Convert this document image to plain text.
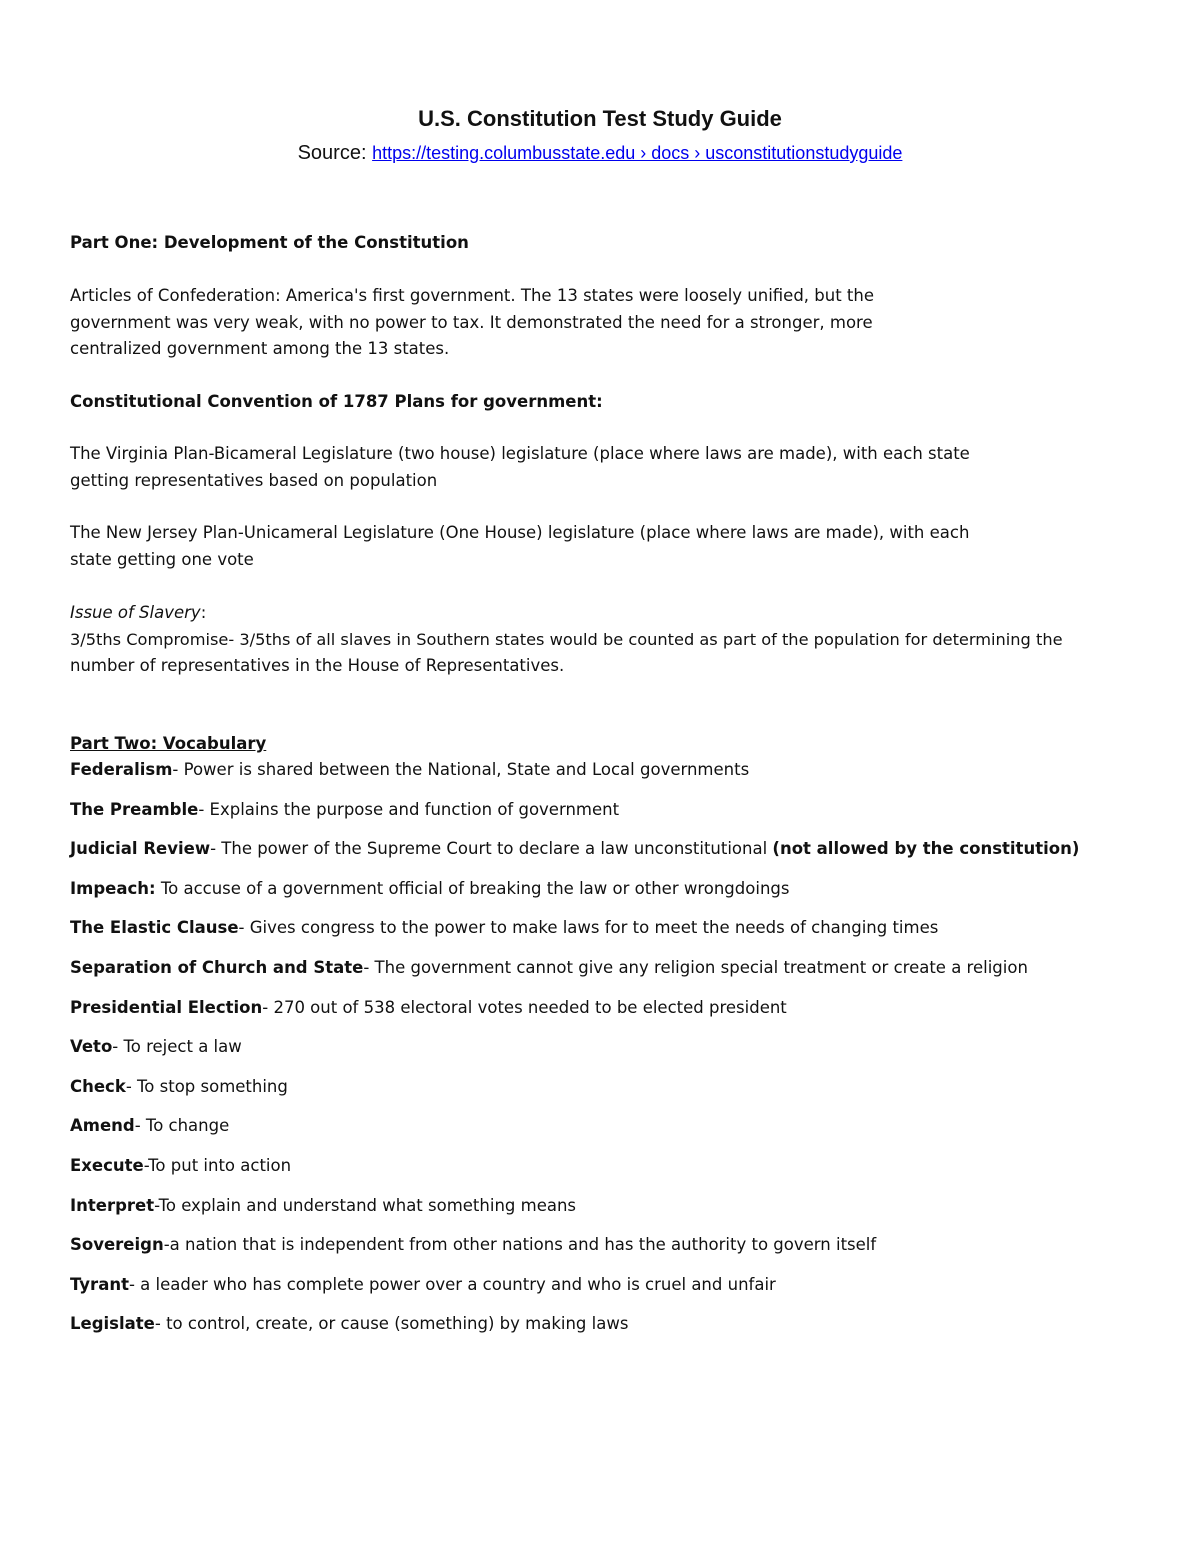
U.S. Constitution Test Study Guide
Source: https://testing.columbusstate.edu › docs › usconstitutionstudyguide
Part One: Development of the Constitution
Articles of Confederation: America's first government. The 13 states were loosely unified, but the
government was very weak, with no power to tax. It demonstrated the need for a stronger, more
centralized government among the 13 states.
Constitutional Convention of 1787 Plans for government:
The Virginia Plan-Bicameral Legislature (two house) legislature (place where laws are made), with each state
getting representatives based on population
The New Jersey Plan-Unicameral Legislature (One House) legislature (place where laws are made), with each
state getting one vote
Issue of Slavery:
3/5ths Compromise- 3/5ths of all slaves in Southern states would be counted as part of the population for determining the
number of representatives in the House of Representatives.
Part Two: Vocabulary
Federalism- Power is shared between the National, State and Local governments
The Preamble- Explains the purpose and function of government
Judicial Review- The power of the Supreme Court to declare a law unconstitutional (not allowed by the constitution)
Impeach: To accuse of a government official of breaking the law or other wrongdoings
The Elastic Clause- Gives congress to the power to make laws for to meet the needs of changing times
Separation of Church and State- The government cannot give any religion special treatment or create a religion
Presidential Election- 270 out of 538 electoral votes needed to be elected president
Veto- To reject a law
Check- To stop something
Amend- To change
Execute-To put into action
Interpret-To explain and understand what something means
Sovereign-a nation that is independent from other nations and has the authority to govern itself
Tyrant- a leader who has complete power over a country and who is cruel and unfair
Legislate- to control, create, or cause (something) by making laws
